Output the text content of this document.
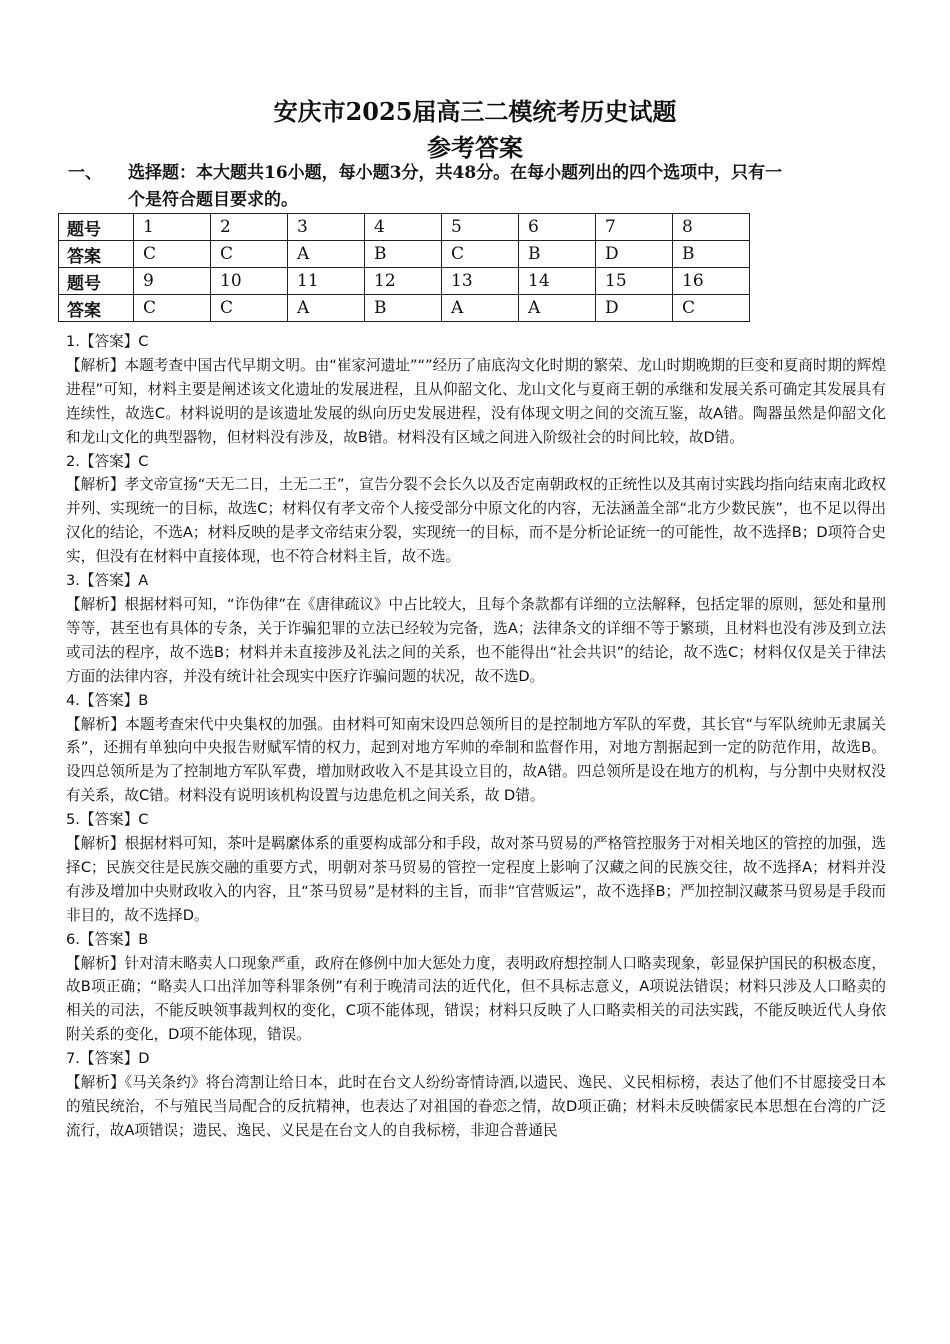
安庆市2025届高三二模统考历史试题
参考答案
一、 选择题：本大题共16小题，每小题3分，共48分。在每小题列出的四个选项中，只有一
个是符合题目要求的。
题号	1	2	3	4	5	6	7	8
答案	C	C	A	B	C	B	D	B
题号	9	10	11	12	13	14	15	16
答案	C	C	A	B	A	A	D	C

1.【答案】C

【解析】本题考查中国古代早期文明。由“崔家河遗址”“”经历了庙底沟文化时期的繁荣、龙山时期晚期的巨变和夏商时期的辉煌进程”可知，材料主要是阐述该文化遗址的发展进程，且从仰韶文化、龙山文化与夏商王朝的承继和发展关系可确定其发展具有连续性，故选C。材料说明的是该遗址发展的纵向历史发展进程，没有体现文明之间的交流互鉴，故A错。陶器虽然是仰韶文化和龙山文化的典型器物，但材料没有涉及，故B错。材料没有区域之间进入阶级社会的时间比较，故D错。

2.【答案】C

【解析】孝文帝宣扬“天无二日，土无二王”，宣告分裂不会长久以及否定南朝政权的正统性以及其南讨实践均指向结束南北政权并列、实现统一的目标，故选C；材料仅有孝文帝个人接受部分中原文化的内容，无法涵盖全部“北方少数民族”，也不足以得出汉化的结论，不选A；材料反映的是孝文帝结束分裂，实现统一的目标，而不是分析论证统一的可能性，故不选择B；D项符合史实，但没有在材料中直接体现，也不符合材料主旨，故不选。

3.【答案】A

【解析】根据材料可知，“诈伪律”在《唐律疏议》中占比较大，且每个条款都有详细的立法解释，包括定罪的原则，惩处和量刑等等，甚至也有具体的专条，关于诈骗犯罪的立法已经较为完备，选A；法律条文的详细不等于繁琐，且材料也没有涉及到立法或司法的程序，故不选B；材料并未直接涉及礼法之间的关系，也不能得出“社会共识”的结论，故不选C；材料仅仅是关于律法方面的法律内容，并没有统计社会现实中医疗诈骗问题的状况，故不选D。

4.【答案】B

【解析】本题考查宋代中央集权的加强。由材料可知南宋设四总领所目的是控制地方军队的军费，其长官“与军队统帅无隶属关系”，还拥有单独向中央报告财赋军情的权力，起到对地方军帅的牵制和监督作用，对地方割据起到一定的防范作用，故选B。设四总领所是为了控制地方军队军费，增加财政收入不是其设立目的，故A错。四总领所是设在地方的机构，与分割中央财权没有关系，故C错。材料没有说明该机构设置与边患危机之间关系，故 D错。

5.【答案】C

【解析】根据材料可知，茶叶是羁縻体系的重要构成部分和手段，故对茶马贸易的严格管控服务于对相关地区的管控的加强，选择C；民族交往是民族交融的重要方式，明朝对茶马贸易的管控一定程度上影响了汉藏之间的民族交往，故不选择A；材料并没有涉及增加中央财政收入的内容，且“茶马贸易”是材料的主旨，而非“官营贩运”，故不选择B；严加控制汉藏茶马贸易是手段而非目的，故不选择D。

6.【答案】B

【解析】针对清末略卖人口现象严重，政府在修例中加大惩处力度，表明政府想控制人口略卖现象，彰显保护国民的积极态度，故B项正确；“略卖人口出洋加等科罪条例”有利于晚清司法的近代化，但不具标志意义，A项说法错误；材料只涉及人口略卖的相关的司法，不能反映领事裁判权的变化，C项不能体现，错误；材料只反映了人口略卖相关的司法实践，不能反映近代人身依附关系的变化，D项不能体现，错误。

7.【答案】D

【解析】《马关条约》将台湾割让给日本，此时在台文人纷纷寄情诗酒,以遗民、逸民、义民相标榜，表达了他们不甘愿接受日本的殖民统治，不与殖民当局配合的反抗精神，也表达了对祖国的眷恋之情，故D项正确；材料未反映儒家民本思想在台湾的广泛流行，故A项错误；遗民、逸民、义民是在台文人的自我标榜，非迎合普通民
